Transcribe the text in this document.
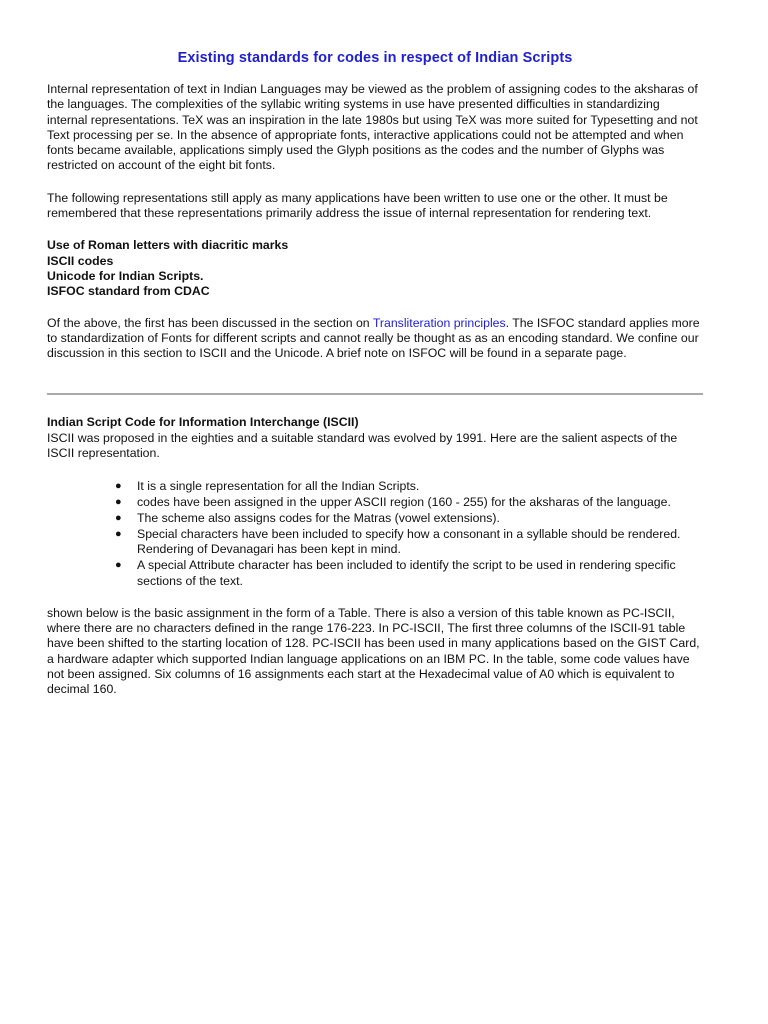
Existing standards for codes in respect of Indian Scripts

Internal representation of text in Indian Languages may be viewed as the problem of assigning codes to the aksharas of the languages. The complexities of the syllabic writing systems in use have presented difficulties in standardizing internal representations. TeX was an inspiration in the late 1980s but using TeX was more suited for Typesetting and not Text processing per se. In the absence of appropriate fonts, interactive applications could not be attempted and when fonts became available, applications simply used the Glyph positions as the codes and the number of Glyphs was restricted on account of the eight bit fonts.

The following representations still apply as many applications have been written to use one or the other. It must be remembered that these representations primarily address the issue of internal representation for rendering text.

Use of Roman letters with diacritic marks
ISCII codes
Unicode for Indian Scripts.
ISFOC standard from CDAC

Of the above, the first has been discussed in the section on Transliteration principles. The ISFOC standard applies more to standardization of Fonts for different scripts and cannot really be thought as as an encoding standard. We confine our discussion in this section to ISCII and the Unicode. A brief note on ISFOC will be found in a separate page.

Indian Script Code for Information Interchange (ISCII)

ISCII was proposed in the eighties and a suitable standard was evolved by 1991. Here are the salient aspects of the ISCII representation.

● It is a single representation for all the Indian Scripts.
● codes have been assigned in the upper ASCII region (160 - 255) for the aksharas of the language.
● The scheme also assigns codes for the Matras (vowel extensions).
● Special characters have been included to specify how a consonant in a syllable should be rendered. Rendering of Devanagari has been kept in mind.
● A special Attribute character has been included to identify the script to be used in rendering specific sections of the text.

shown below is the basic assignment in the form of a Table. There is also a version of this table known as PC-ISCII, where there are no characters defined in the range 176-223. In PC-ISCII, The first three columns of the ISCII-91 table have been shifted to the starting location of 128. PC-ISCII has been used in many applications based on the GIST Card, a hardware adapter which supported Indian language applications on an IBM PC. In the table, some code values have not been assigned. Six columns of 16 assignments each start at the Hexadecimal value of A0 which is equivalent to decimal 160.
